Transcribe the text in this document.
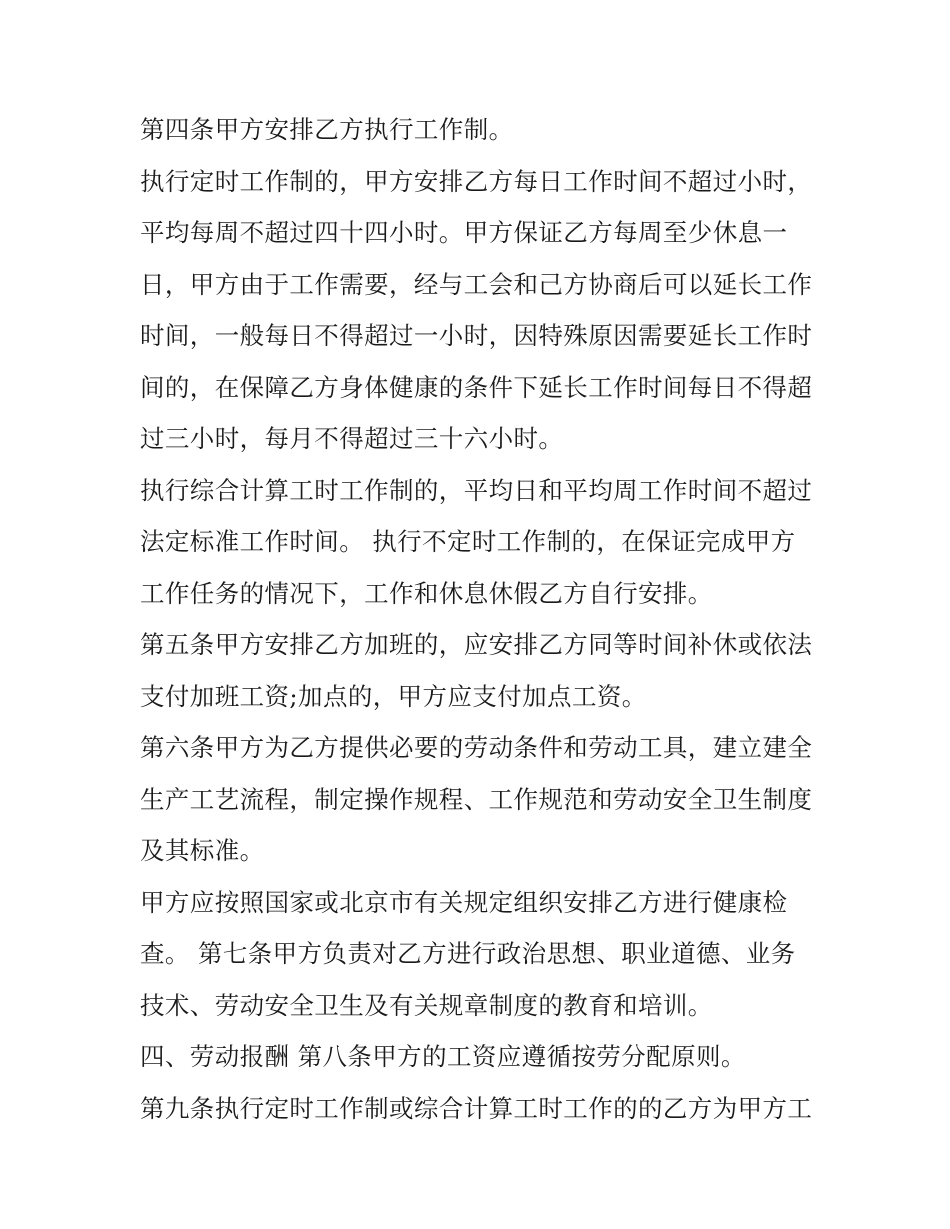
第四条甲方安排乙方执行工作制。
执行定时工作制的，甲方安排乙方每日工作时间不超过小时，
平均每周不超过四十四小时。甲方保证乙方每周至少休息一
日，甲方由于工作需要，经与工会和己方协商后可以延长工作
时间，一般每日不得超过一小时，因特殊原因需要延长工作时
间的，在保障乙方身体健康的条件下延长工作时间每日不得超
过三小时，每月不得超过三十六小时。
执行综合计算工时工作制的，平均日和平均周工作时间不超过
法定标准工作时间。 执行不定时工作制的，在保证完成甲方
工作任务的情况下，工作和休息休假乙方自行安排。
第五条甲方安排乙方加班的，应安排乙方同等时间补休或依法
支付加班工资;加点的，甲方应支付加点工资。
第六条甲方为乙方提供必要的劳动条件和劳动工具，建立建全
生产工艺流程，制定操作规程、工作规范和劳动安全卫生制度
及其标准。
甲方应按照国家或北京市有关规定组织安排乙方进行健康检
查。 第七条甲方负责对乙方进行政治思想、职业道德、业务
技术、劳动安全卫生及有关规章制度的教育和培训。
四、劳动报酬 第八条甲方的工资应遵循按劳分配原则。
第九条执行定时工作制或综合计算工时工作的的乙方为甲方工
